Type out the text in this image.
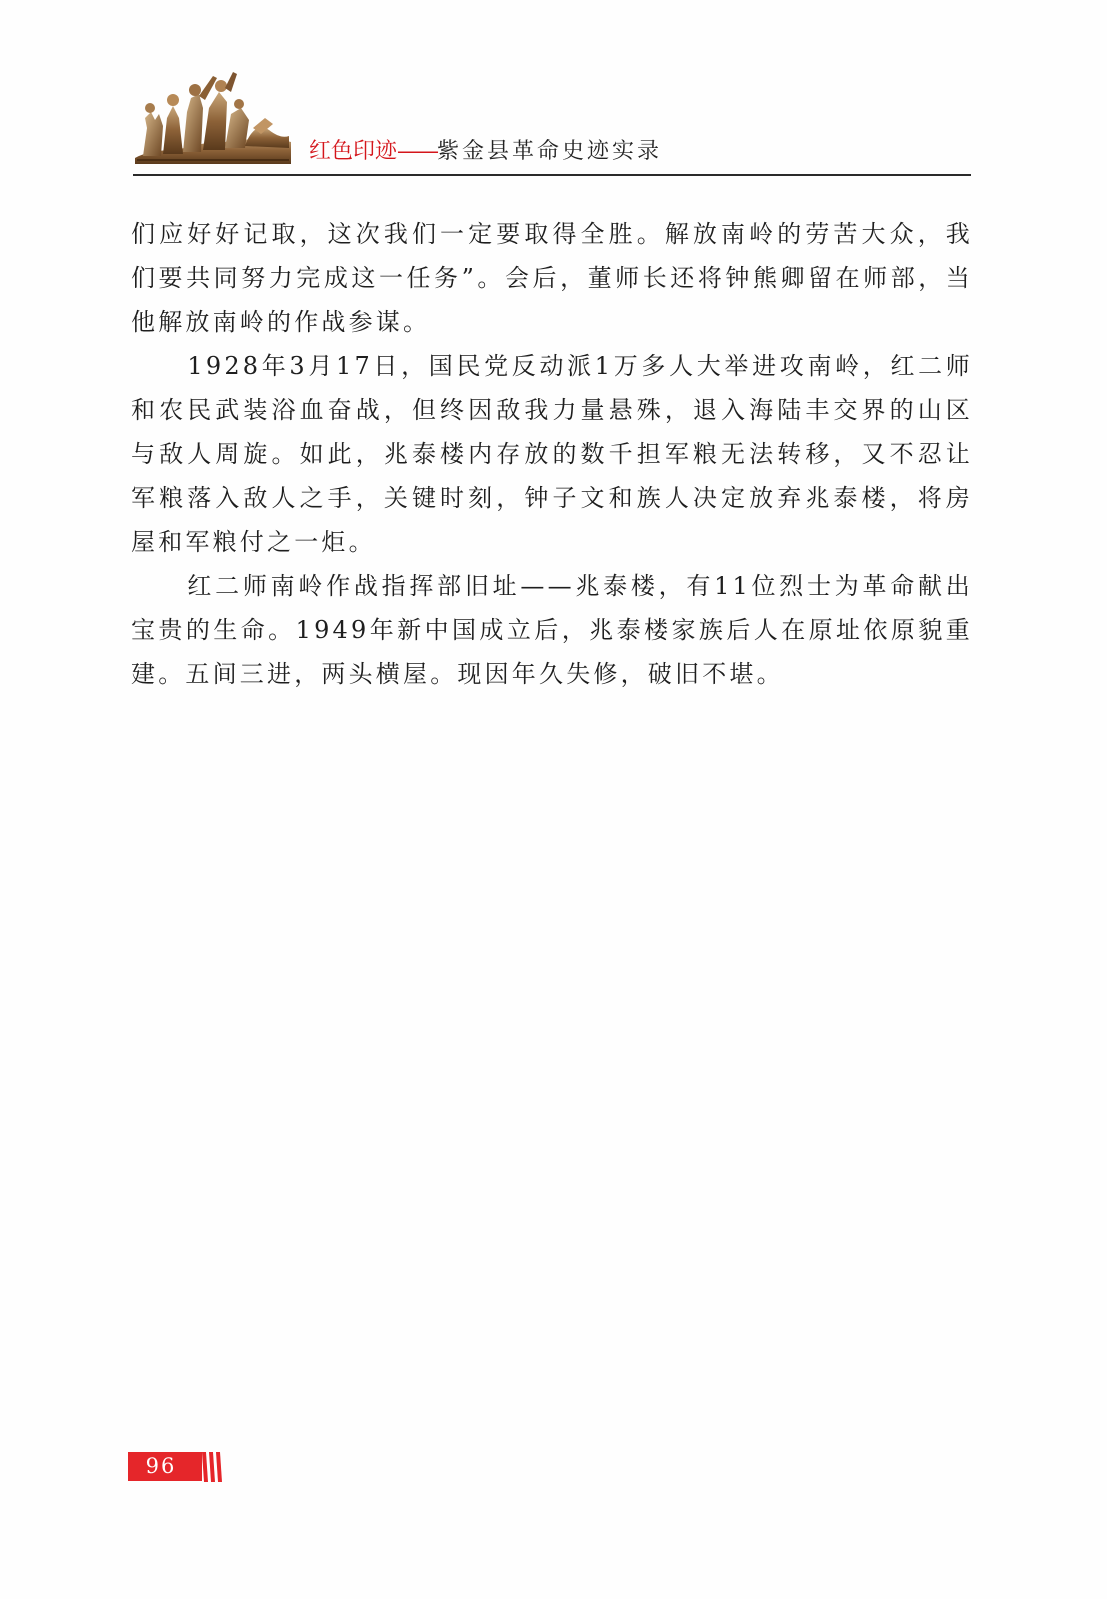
红色印迹——紫金县革命史迹实录

们应好好记取，这次我们一定要取得全胜。解放南岭的劳苦大众，我们要共同努力完成这一任务”。会后，董师长还将钟熊卿留在师部，当他解放南岭的作战参谋。

1928年3月17日，国民党反动派1万多人大举进攻南岭，红二师和农民武装浴血奋战，但终因敌我力量悬殊，退入海陆丰交界的山区与敌人周旋。如此，兆泰楼内存放的数千担军粮无法转移，又不忍让军粮落入敌人之手，关键时刻，钟子文和族人决定放弃兆泰楼，将房屋和军粮付之一炬。

红二师南岭作战指挥部旧址——兆泰楼，有11位烈士为革命献出宝贵的生命。1949年新中国成立后，兆泰楼家族后人在原址依原貌重建。五间三进，两头横屋。现因年久失修，破旧不堪。

96
